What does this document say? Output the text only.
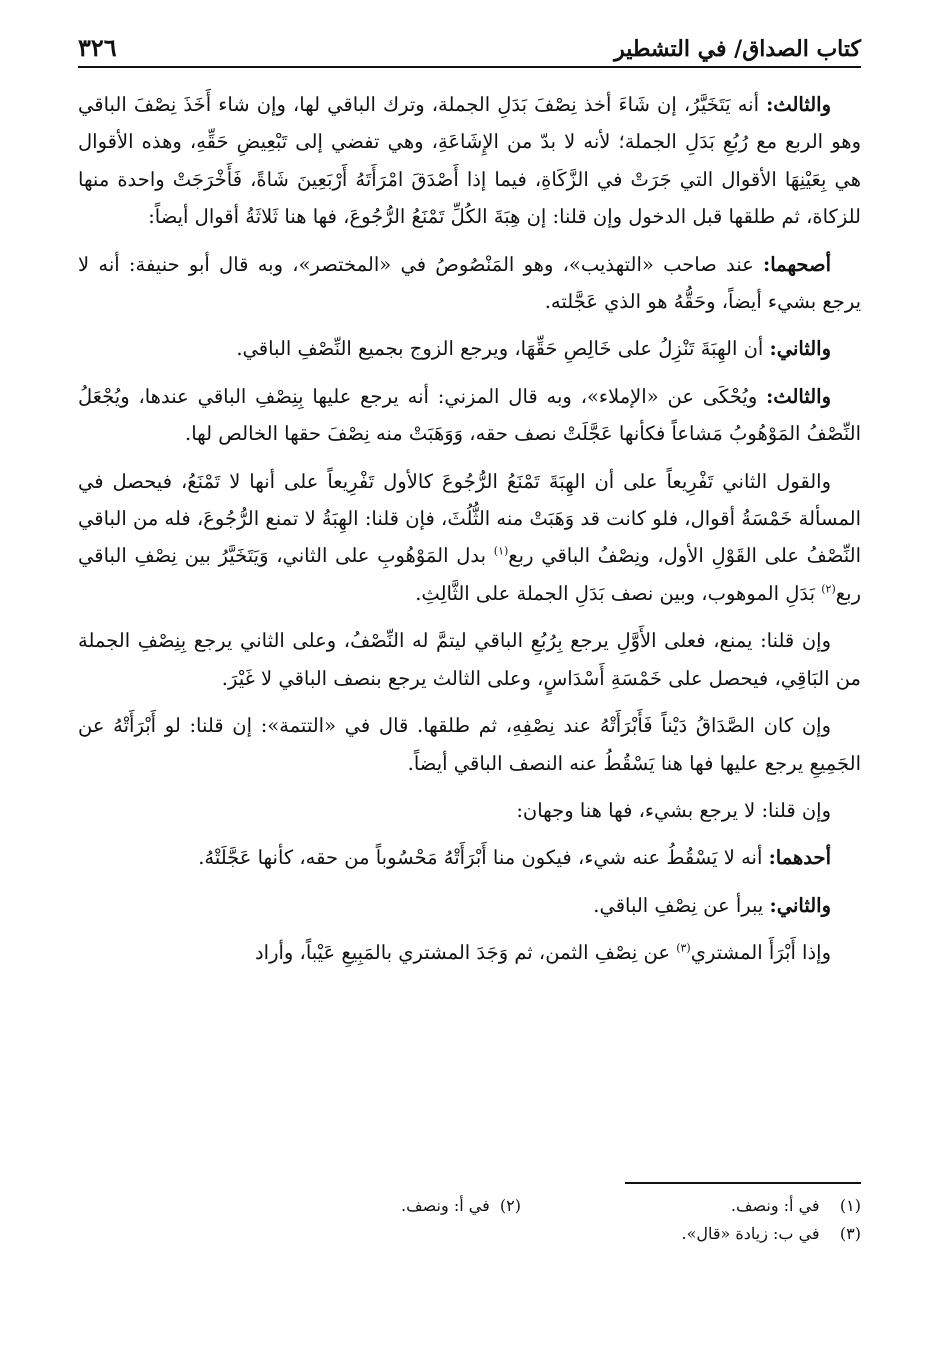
٣٢٦	كتاب الصداق/ في التشطير

والثالث: أنه يَتَخَيَّرُ، إن شَاءَ أخذ نِصْفَ بَدَلِ الجملة، وترك الباقي لها، وإن شاء أَخَذَ نِصْفَ الباقي وهو الربع مع رُبُعِ بَدَلِ الجملة؛ لأنه لا بدّ من الإِشَاعَةِ، وهي تفضي إلى تَبْعِيضِ حَقِّهِ، وهذه الأقوال هي بِعَيْنِهَا الأقوال التي جَرَتْ في الزَّكَاةِ، فيما إذا أَصْدَقَ امْرَأَتَهُ أَرْبَعِينَ شَاةً، فَأَخْرَجَتْ واحدة منها للزكاة، ثم طلقها قبل الدخول وإن قلنا: إن هِبَةَ الكُلِّ تَمْنَعُ الرُّجُوعَ، فها هنا ثَلاثَةُ أقوال أيضاً:

أصحهما: عند صاحب «التهذيب»، وهو المَنْصُوصُ في «المختصر»، وبه قال أبو حنيفة: أنه لا يرجع بشيء أيضاً، وحَقُّهُ هو الذي عَجَّلته.

والثاني: أن الهِبَةَ تَنْزِلُ على خَالِصِ حَقِّهَا، ويرجع الزوج بجميع النِّصْفِ الباقي.

والثالث: ويُحْكَى عن «الإملاء»، وبه قال المزني: أنه يرجع عليها بِنِصْفِ الباقي عندها، ويُجْعَلُ النِّصْفُ المَوْهُوبُ مَشاعاً فكأنها عَجَّلَتْ نصف حقه، وَوَهَبَتْ منه نِصْفَ حقها الخالص لها.

والقول الثاني تَفْرِيعاً على أن الهِبَةَ تَمْنَعُ الرُّجُوعَ كالأول تَفْرِيعاً على أنها لا تَمْنَعُ، فيحصل في المسألة خَمْسَةُ أقوال، فلو كانت قد وَهَبَتْ منه الثُّلُثَ، فإن قلنا: الهِبَةُ لا تمنع الرُّجُوعَ، فله من الباقي النِّصْفُ على القَوْلِ الأول، ونِصْفُ الباقي ربع$^{(١)}$ بدل المَوْهُوبِ على الثاني، وَيَتَخَيَّرُ بين نِصْفِ الباقي ربع$^{(٢)}$ بَدَلِ الموهوب، وبين نصف بَدَلِ الجملة على الثَّالِثِ.

وإن قلنا: يمنع، فعلى الأَوَّلِ يرجع بِرُبُعِ الباقي ليتمَّ له النِّصْفُ، وعلى الثاني يرجع بِنِصْفِ الجملة من البَاقِي، فيحصل على خَمْسَةِ أَسْدَاسٍ، وعلى الثالث يرجع بنصف الباقي لا غَيْرَ.

وإن كان الصَّدَاقُ دَيْناً فَأَبْرَأَتْهُ عند نِصْفِهِ، ثم طلقها. قال في «التتمة»: إن قلنا: لو أَبْرَأَتْهُ عن الجَمِيعِ يرجع عليها فها هنا يَسْقُطُ عنه النصف الباقي أيضاً.

وإن قلنا: لا يرجع بشيء، فها هنا وجهان:

أحدهما: أنه لا يَسْقُطُ عنه شيء، فيكون منا أَبْرَأَتْهُ مَحْسُوباً من حقه، كأنها عَجَّلَتْهُ.

والثاني: يبرأ عن نِصْفِ الباقي.

وإذا أَبْرَأَ المشتري$^{(٣)}$ عن نِصْفِ الثمن، ثم وَجَدَ المشتري بالمَبِيعِ عَيْباً، وأراد

(١)    في أ: ونصف.
(٢)  في أ: ونصف.
(٣)    في ب: زيادة «قال».
